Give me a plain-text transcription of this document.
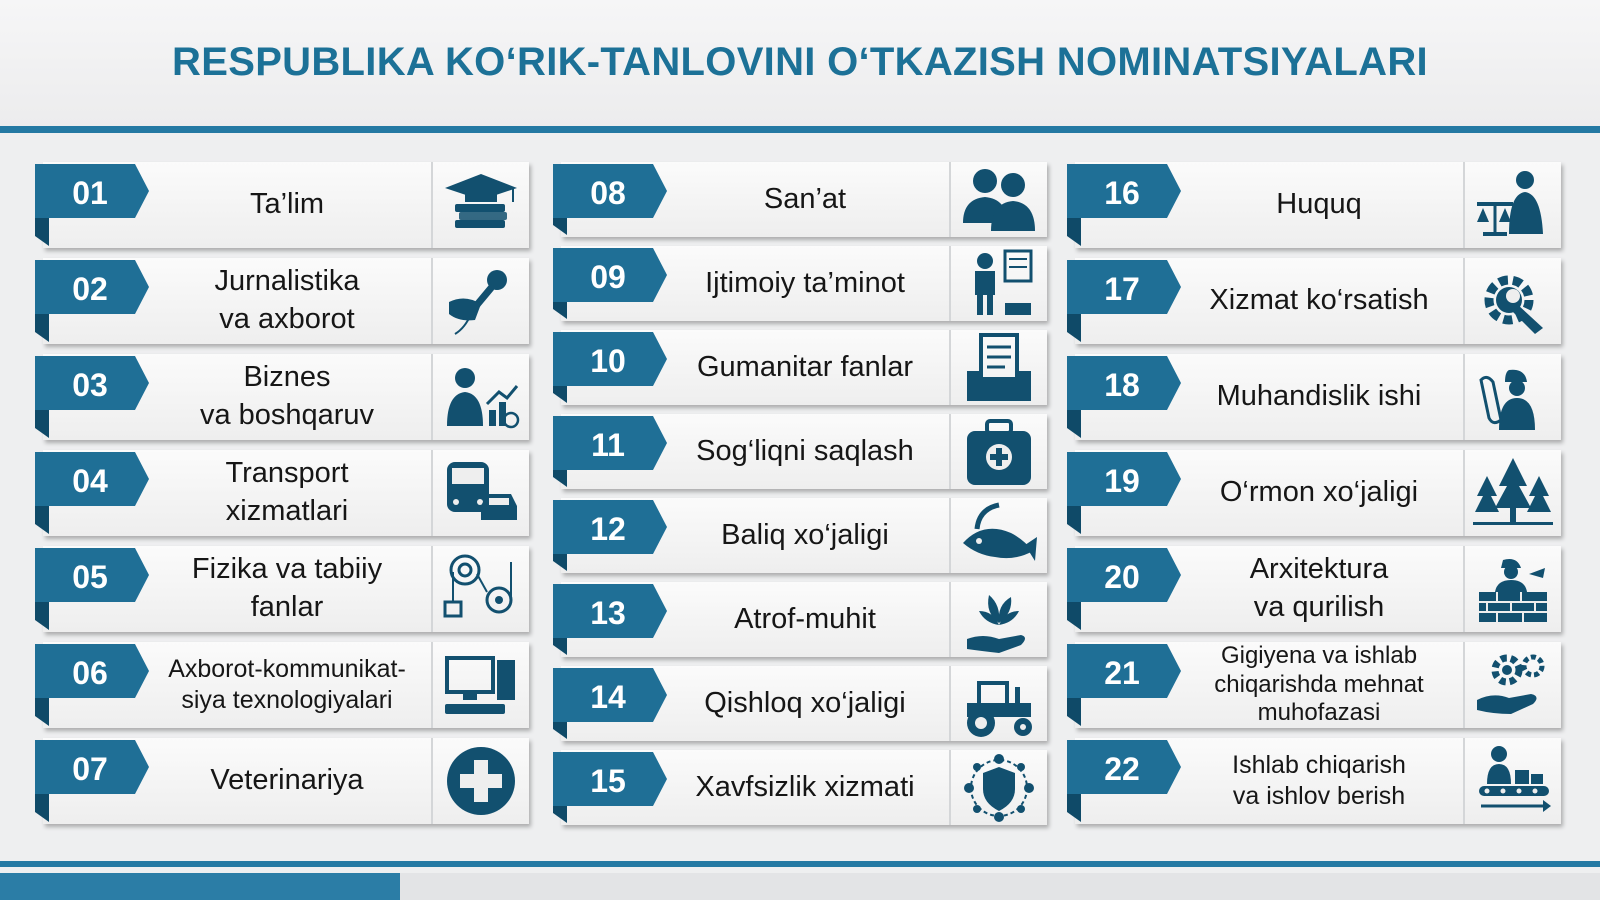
RESPUBLIKA KO‘RIK-TANLOVINI O‘TKAZISH NOMINATSIYALARI
Ta’lim
01
Jurnalistika
va axborot
02
Biznes
va boshqaruv
03
Transport
xizmatlari
04
Fizika va tabiiy
fanlar
05
Axborot-kommunikat-
siya texnologiyalari
06
Veterinariya
07
San’at
08
Ijtimoiy ta’minot
09
Gumanitar fanlar
10
Sog‘liqni saqlash
11
Baliq xo‘jaligi
12
Atrof-muhit
13
Qishloq xo‘jaligi
14
Xavfsizlik xizmati
15
Huquq
16
Xizmat ko‘rsatish
17
Muhandislik ishi
18
O‘rmon xo‘jaligi
19
Arxitektura
va qurilish
20
Gigiyena va ishlab
chiqarishda mehnat
muhofazasi
21
Ishlab chiqarish
va ishlov berish
22
